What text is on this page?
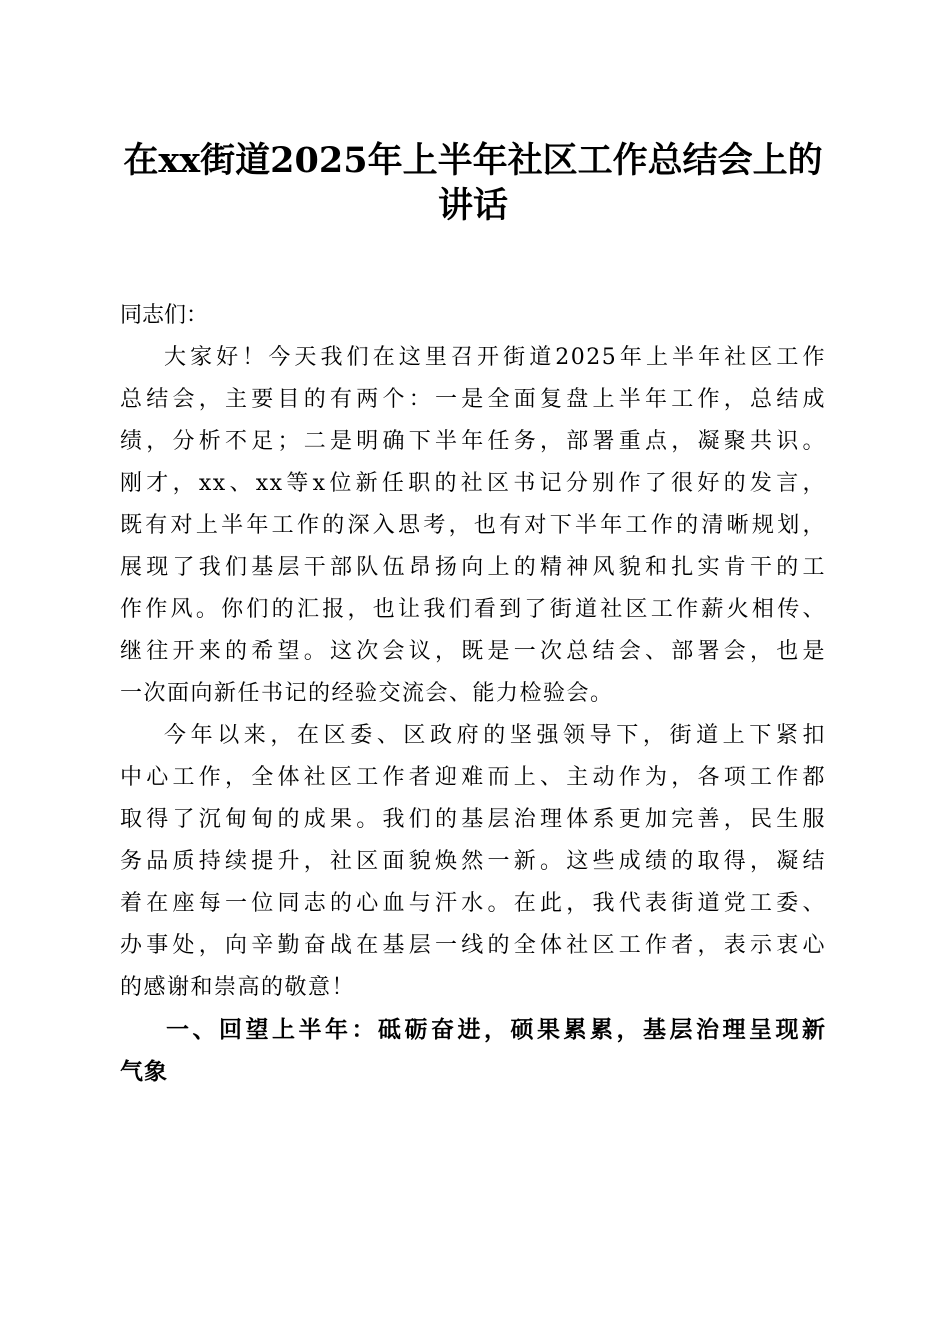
在xx街道2025年上半年社区工作总结会上的
讲话

同志们：

大家好！今天我们在这里召开街道2025年上半年社区工作
总结会，主要目的有两个：一是全面复盘上半年工作，总结成
绩，分析不足；二是明确下半年任务，部署重点，凝聚共识。
刚才，xx、xx等x位新任职的社区书记分别作了很好的发言，
既有对上半年工作的深入思考，也有对下半年工作的清晰规划，
展现了我们基层干部队伍昂扬向上的精神风貌和扎实肯干的工
作作风。你们的汇报，也让我们看到了街道社区工作薪火相传、
继往开来的希望。这次会议，既是一次总结会、部署会，也是
一次面向新任书记的经验交流会、能力检验会。
今年以来，在区委、区政府的坚强领导下，街道上下紧扣
中心工作，全体社区工作者迎难而上、主动作为，各项工作都
取得了沉甸甸的成果。我们的基层治理体系更加完善，民生服
务品质持续提升，社区面貌焕然一新。这些成绩的取得，凝结
着在座每一位同志的心血与汗水。在此，我代表街道党工委、
办事处，向辛勤奋战在基层一线的全体社区工作者，表示衷心
的感谢和崇高的敬意！
一、回望上半年：砥砺奋进，硕果累累，基层治理呈现新
气象
